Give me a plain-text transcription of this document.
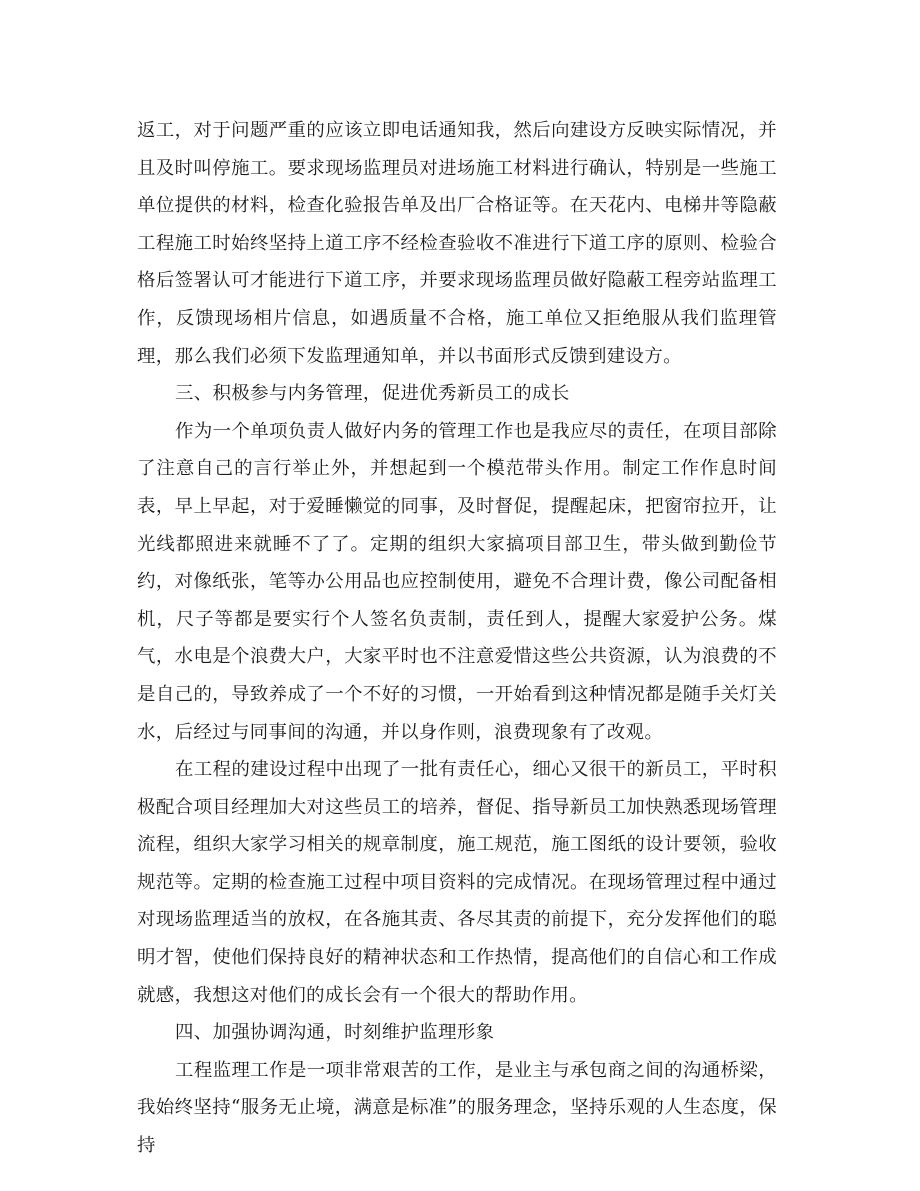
返工，对于问题严重的应该立即电话通知我，然后向建设方反映实际情况，并且及时叫停施工。要求现场监理员对进场施工材料进行确认，特别是一些施工单位提供的材料，检查化验报告单及出厂合格证等。在天花内、电梯井等隐蔽工程施工时始终坚持上道工序不经检查验收不准进行下道工序的原则、检验合格后签署认可才能进行下道工序，并要求现场监理员做好隐蔽工程旁站监理工作，反馈现场相片信息，如遇质量不合格，施工单位又拒绝服从我们监理管理，那么我们必须下发监理通知单，并以书面形式反馈到建设方。

三、积极参与内务管理，促进优秀新员工的成长

作为一个单项负责人做好内务的管理工作也是我应尽的责任，在项目部除了注意自己的言行举止外，并想起到一个模范带头作用。制定工作作息时间表，早上早起，对于爱睡懒觉的同事，及时督促，提醒起床，把窗帘拉开，让光线都照进来就睡不了了。定期的组织大家搞项目部卫生，带头做到勤俭节约，对像纸张，笔等办公用品也应控制使用，避免不合理计费，像公司配备相机，尺子等都是要实行个人签名负责制，责任到人，提醒大家爱护公务。煤气，水电是个浪费大户，大家平时也不注意爱惜这些公共资源，认为浪费的不是自己的，导致养成了一个不好的习惯，一开始看到这种情况都是随手关灯关水，后经过与同事间的沟通，并以身作则，浪费现象有了改观。

在工程的建设过程中出现了一批有责任心，细心又很干的新员工，平时积极配合项目经理加大对这些员工的培养，督促、指导新员工加快熟悉现场管理流程，组织大家学习相关的规章制度，施工规范，施工图纸的设计要领，验收规范等。定期的检查施工过程中项目资料的完成情况。在现场管理过程中通过对现场监理适当的放权，在各施其责、各尽其责的前提下，充分发挥他们的聪明才智，使他们保持良好的精神状态和工作热情，提高他们的自信心和工作成就感，我想这对他们的成长会有一个很大的帮助作用。

四、加强协调沟通，时刻维护监理形象

工程监理工作是一项非常艰苦的工作，是业主与承包商之间的沟通桥梁，我始终坚持“服务无止境，满意是标准”的服务理念，坚持乐观的人生态度，保持
